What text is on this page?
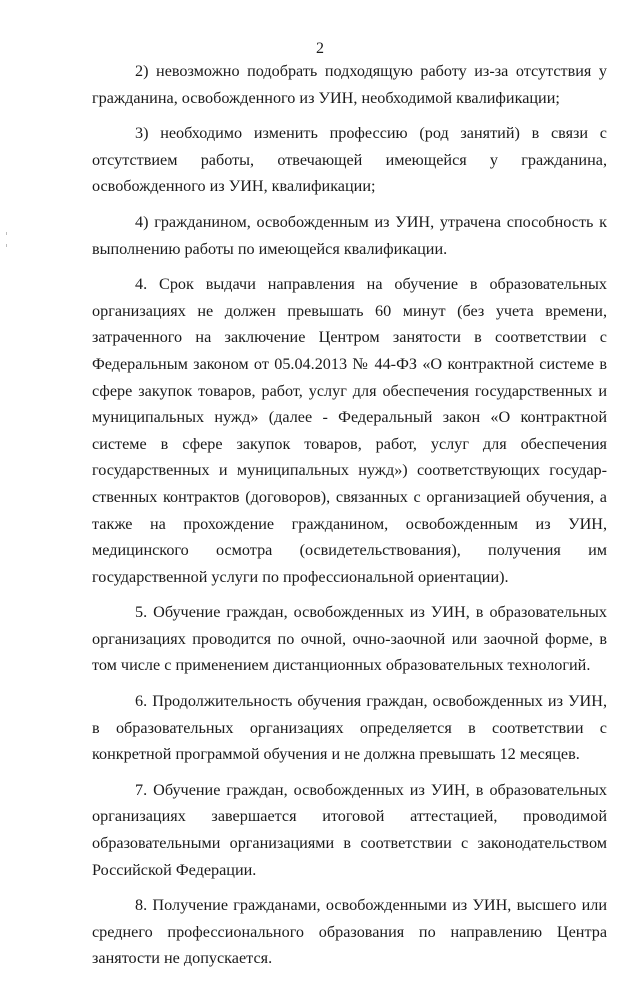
2

2) невозможно подобрать подходящую работу из-за отсутствия у гражданина, освобожденного из УИН, необходимой квалификации;

3) необходимо изменить профессию (род занятий) в связи с отсутствием работы, отвечающей имеющейся у гражданина, освобожденного из УИН, квалификации;

4) гражданином, освобожденным из УИН, утрачена способность к выполнению работы по имеющейся квалификации.

4. Срок выдачи направления на обучение в образовательных организациях не должен превышать 60 минут (без учета времени, затраченного на заключение Центром занятости в соответствии с Федеральным законом от 05.04.2013 № 44-ФЗ «О контрактной системе в сфере закупок товаров, работ, услуг для обеспечения государственных и муниципальных нужд» (далее - Федеральный закон «О контрактной системе в сфере закупок товаров, работ, услуг для обеспечения государственных и муниципальных нужд») соответствующих государственных контрактов (договоров), связанных с организацией обучения, а также на прохождение гражданином, освобожденным из УИН, медицинского осмотра (освидетельствования), получения им государственной услуги по профессиональной ориентации).

5. Обучение граждан, освобожденных из УИН, в образовательных организациях проводится по очной, очно-заочной или заочной форме, в том числе с применением дистанционных образовательных технологий.

6. Продолжительность обучения граждан, освобожденных из УИН, в образовательных организациях определяется в соответствии с конкретной программой обучения и не должна превышать 12 месяцев.

7. Обучение граждан, освобожденных из УИН, в образовательных организациях завершается итоговой аттестацией, проводимой образовательными организациями в соответствии с законодательством Российской Федерации.

8. Получение гражданами, освобожденными из УИН, высшего или среднего профессионального образования по направлению Центра занятости не допускается.
